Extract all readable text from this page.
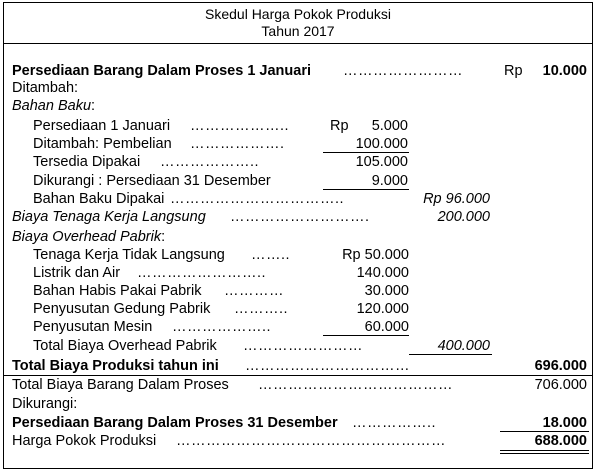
Skedul Harga Pokok Produksi
Tahun 2017
Persediaan Barang Dalam Proses 1 Januari ……………………	Rp	10.000
Ditambah:
Bahan Baku:
Persediaan 1 Januari ………………..	Rp	5.000
Ditambah: Pembelian ……………….	100.000
Tersedia Dipakai ………………..	105.000
Dikurangi : Persediaan 31 Desember	9.000
Bahan Baku Dipakai ……………………………..	Rp 96.000
Biaya Tenaga Kerja Langsung ……………………….	200.000
Biaya Overhead Pabrik:
Tenaga Kerja Tidak Langsung ……..	Rp 50.000
Listrik dan Air ……………………..	140.000
Bahan Habis Pakai Pabrik …………	30.000
Penyusutan Gedung Pabrik ………..	120.000
Penyusutan Mesin ………………..	60.000
Total Biaya Overhead Pabrik ……………………	400.000
Total Biaya Produksi tahun ini ……………………………	696.000
Total Biaya Barang Dalam Proses …………………………………	706.000
Dikurangi:
Persediaan Barang Dalam Proses 31 Desember ……………..	18.000
Harga Pokok Produksi ………………………………………………	688.000
